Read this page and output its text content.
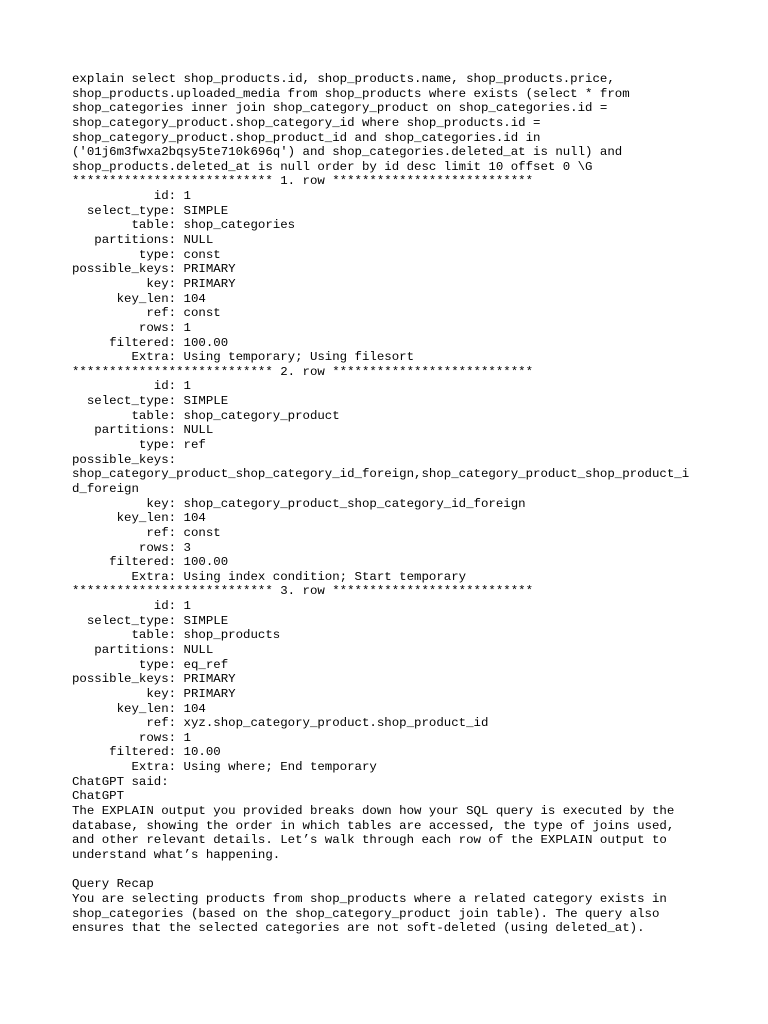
explain select shop_products.id, shop_products.name, shop_products.price,
shop_products.uploaded_media from shop_products where exists (select * from
shop_categories inner join shop_category_product on shop_categories.id =
shop_category_product.shop_category_id where shop_products.id =
shop_category_product.shop_product_id and shop_categories.id in
('01j6m3fwxa2bqsy5te710k696q') and shop_categories.deleted_at is null) and
shop_products.deleted_at is null order by id desc limit 10 offset 0 \G
*************************** 1. row ***************************
id: 1
select_type: SIMPLE
table: shop_categories
partitions: NULL
type: const
possible_keys: PRIMARY
key: PRIMARY
key_len: 104
ref: const
rows: 1
filtered: 100.00
Extra: Using temporary; Using filesort
*************************** 2. row ***************************
id: 1
select_type: SIMPLE
table: shop_category_product
partitions: NULL
type: ref
possible_keys:
shop_category_product_shop_category_id_foreign,shop_category_product_shop_product_i
d_foreign
key: shop_category_product_shop_category_id_foreign
key_len: 104
ref: const
rows: 3
filtered: 100.00
Extra: Using index condition; Start temporary
*************************** 3. row ***************************
id: 1
select_type: SIMPLE
table: shop_products
partitions: NULL
type: eq_ref
possible_keys: PRIMARY
key: PRIMARY
key_len: 104
ref: xyz.shop_category_product.shop_product_id
rows: 1
filtered: 10.00
Extra: Using where; End temporary
ChatGPT said:
ChatGPT
The EXPLAIN output you provided breaks down how your SQL query is executed by the
database, showing the order in which tables are accessed, the type of joins used,
and other relevant details. Let’s walk through each row of the EXPLAIN output to
understand what’s happening.
Query Recap
You are selecting products from shop_products where a related category exists in
shop_categories (based on the shop_category_product join table). The query also
ensures that the selected categories are not soft-deleted (using deleted_at).
